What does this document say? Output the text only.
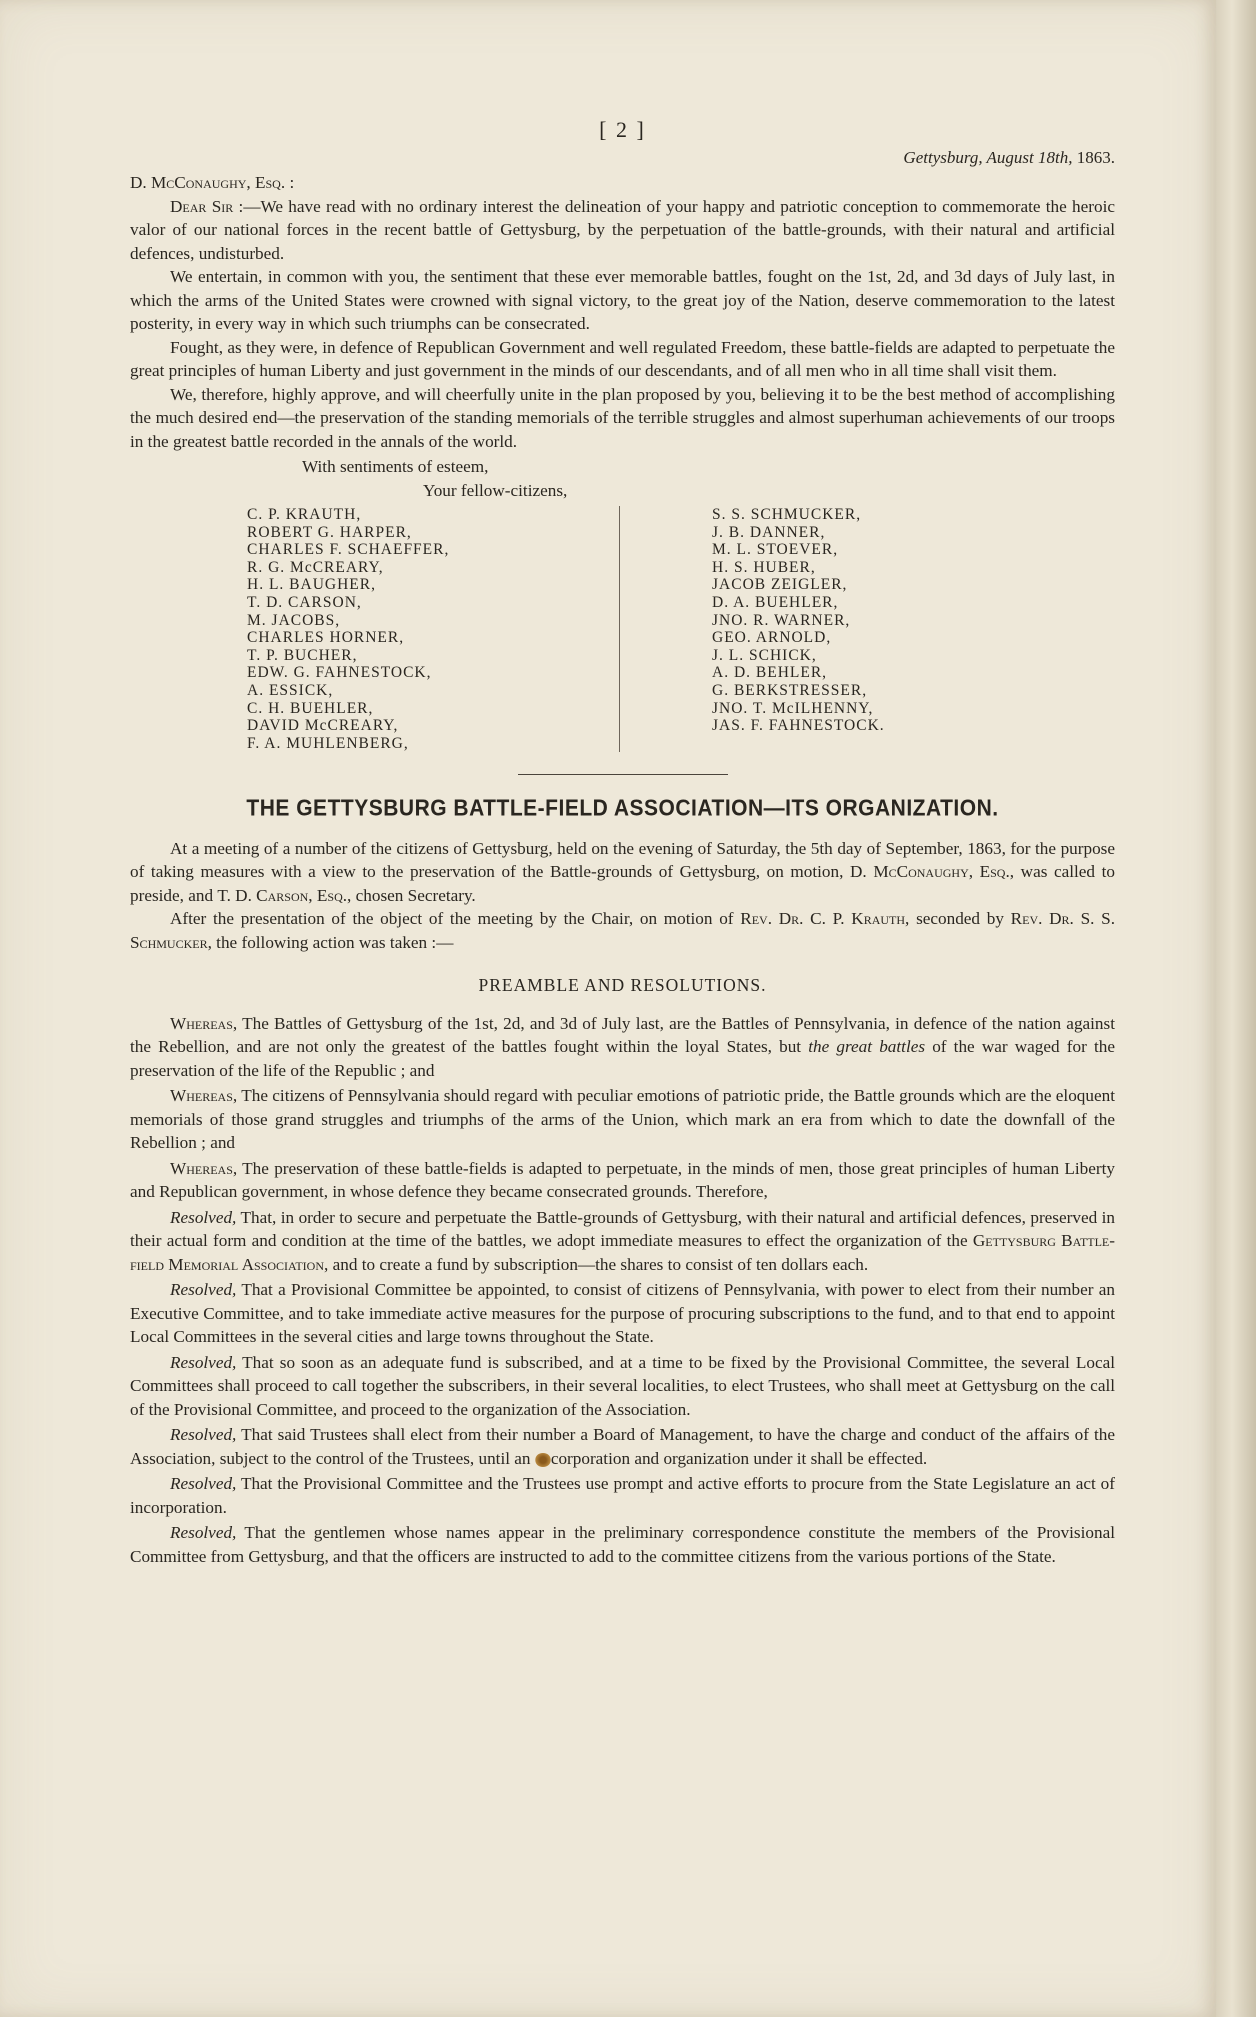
[ 2 ]
Gettysburg, August 18th, 1863.
D. McConaughy, Esq. :

Dear Sir :—We have read with no ordinary interest the delineation of your happy and patriotic conception to commemorate the heroic valor of our national forces in the recent battle of Gettysburg, by the perpetuation of the battle-grounds, with their natural and artificial defences, undisturbed.

We entertain, in common with you, the sentiment that these ever memorable battles, fought on the 1st, 2d, and 3d days of July last, in which the arms of the United States were crowned with signal victory, to the great joy of the Nation, deserve commemoration to the latest posterity, in every way in which such triumphs can be consecrated.

Fought, as they were, in defence of Republican Government and well regulated Freedom, these battle-fields are adapted to perpetuate the great principles of human Liberty and just government in the minds of our descendants, and of all men who in all time shall visit them.

We, therefore, highly approve, and will cheerfully unite in the plan proposed by you, believing it to be the best method of accomplishing the much desired end—the preservation of the standing memorials of the terrible struggles and almost superhuman achievements of our troops in the greatest battle recorded in the annals of the world.

With sentiments of esteem,
Your fellow-citizens,
C. P. KRAUTH,
ROBERT G. HARPER,
CHARLES F. SCHAEFFER,
R. G. McCREARY,
H. L. BAUGHER,
T. D. CARSON,
M. JACOBS,
CHARLES HORNER,
T. P. BUCHER,
EDW. G. FAHNESTOCK,
A. ESSICK,
C. H. BUEHLER,
DAVID McCREARY,
F. A. MUHLENBERG,
S. S. SCHMUCKER,
J. B. DANNER,
M. L. STOEVER,
H. S. HUBER,
JACOB ZEIGLER,
D. A. BUEHLER,
JNO. R. WARNER,
GEO. ARNOLD,
J. L. SCHICK,
A. D. BEHLER,
G. BERKSTRESSER,
JNO. T. McILHENNY,
JAS. F. FAHNESTOCK.
THE GETTYSBURG BATTLE-FIELD ASSOCIATION—ITS ORGANIZATION.

At a meeting of a number of the citizens of Gettysburg, held on the evening of Saturday, the 5th day of September, 1863, for the purpose of taking measures with a view to the preservation of the Battle-grounds of Gettysburg, on motion, D. McConaughy, Esq., was called to preside, and T. D. Carson, Esq., chosen Secretary.

After the presentation of the object of the meeting by the Chair, on motion of Rev. Dr. C. P. Krauth, seconded by Rev. Dr. S. S. Schmucker, the following action was taken :—

PREAMBLE AND RESOLUTIONS.

Whereas, The Battles of Gettysburg of the 1st, 2d, and 3d of July last, are the Battles of Pennsylvania, in defence of the nation against the Rebellion, and are not only the greatest of the battles fought within the loyal States, but the great battles of the war waged for the preservation of the life of the Republic ; and

Whereas, The citizens of Pennsylvania should regard with peculiar emotions of patriotic pride, the Battle grounds which are the eloquent memorials of those grand struggles and triumphs of the arms of the Union, which mark an era from which to date the downfall of the Rebellion ; and

Whereas, The preservation of these battle-fields is adapted to perpetuate, in the minds of men, those great principles of human Liberty and Republican government, in whose defence they became consecrated grounds. Therefore,

Resolved, That, in order to secure and perpetuate the Battle-grounds of Gettysburg, with their natural and artificial defences, preserved in their actual form and condition at the time of the battles, we adopt immediate measures to effect the organization of the Gettysburg Battle-field Memorial Association, and to create a fund by subscription—the shares to consist of ten dollars each.

Resolved, That a Provisional Committee be appointed, to consist of citizens of Pennsylvania, with power to elect from their number an Executive Committee, and to take immediate active measures for the purpose of procuring subscriptions to the fund, and to that end to appoint Local Committees in the several cities and large towns throughout the State.

Resolved, That so soon as an adequate fund is subscribed, and at a time to be fixed by the Provisional Committee, the several Local Committees shall proceed to call together the subscribers, in their several localities, to elect Trustees, who shall meet at Gettysburg on the call of the Provisional Committee, and proceed to the organization of the Association.

Resolved, That said Trustees shall elect from their number a Board of Management, to have the charge and conduct of the affairs of the Association, subject to the control of the Trustees, until an corporation and organization under it shall be effected.

Resolved, That the Provisional Committee and the Trustees use prompt and active efforts to procure from the State Legislature an act of incorporation.

Resolved, That the gentlemen whose names appear in the preliminary correspondence constitute the members of the Provisional Committee from Gettysburg, and that the officers are instructed to add to the committee citizens from the various portions of the State.
